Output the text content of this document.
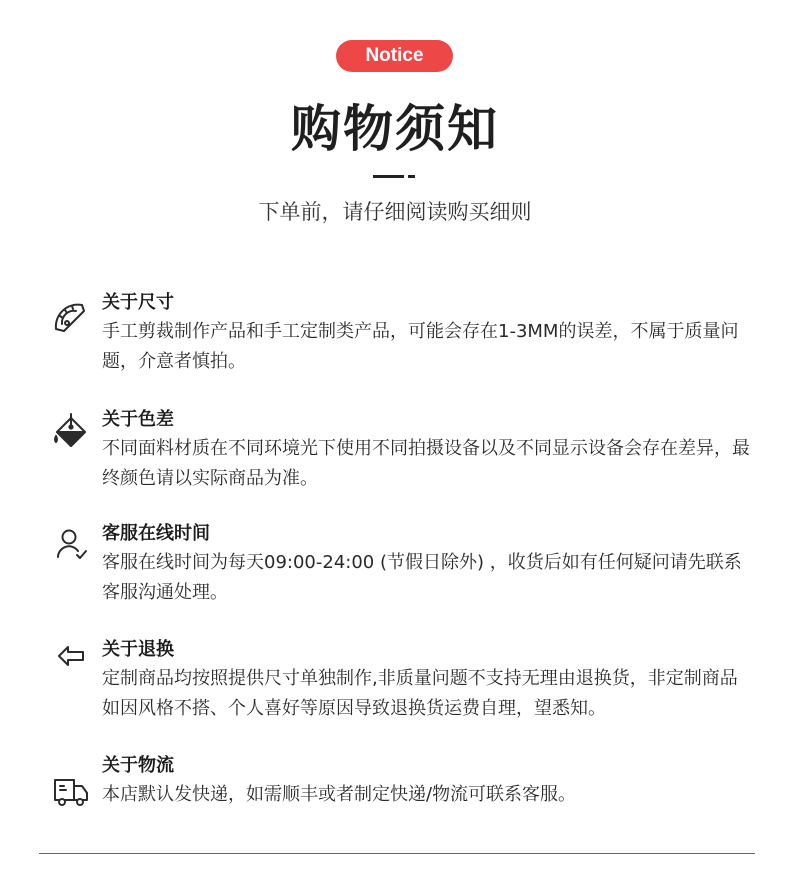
Notice
购物须知
下单前，请仔细阅读购买细则
关于尺寸
手工剪裁制作产品和手工定制类产品，可能会存在1-3MM的误差，不属于质量问题，介意者慎拍。
关于色差
不同面料材质在不同环境光下使用不同拍摄设备以及不同显示设备会存在差异，最终颜色请以实际商品为准。
客服在线时间
客服在线时间为每天09:00-24:00 (节假日除外) ，收货后如有任何疑问请先联系客服沟通处理。
关于退换
定制商品均按照提供尺寸单独制作,非质量问题不支持无理由退换货，非定制商品如因风格不搭、个人喜好等原因导致退换货运费自理，望悉知。
关于物流
本店默认发快递，如需顺丰或者制定快递/物流可联系客服。
